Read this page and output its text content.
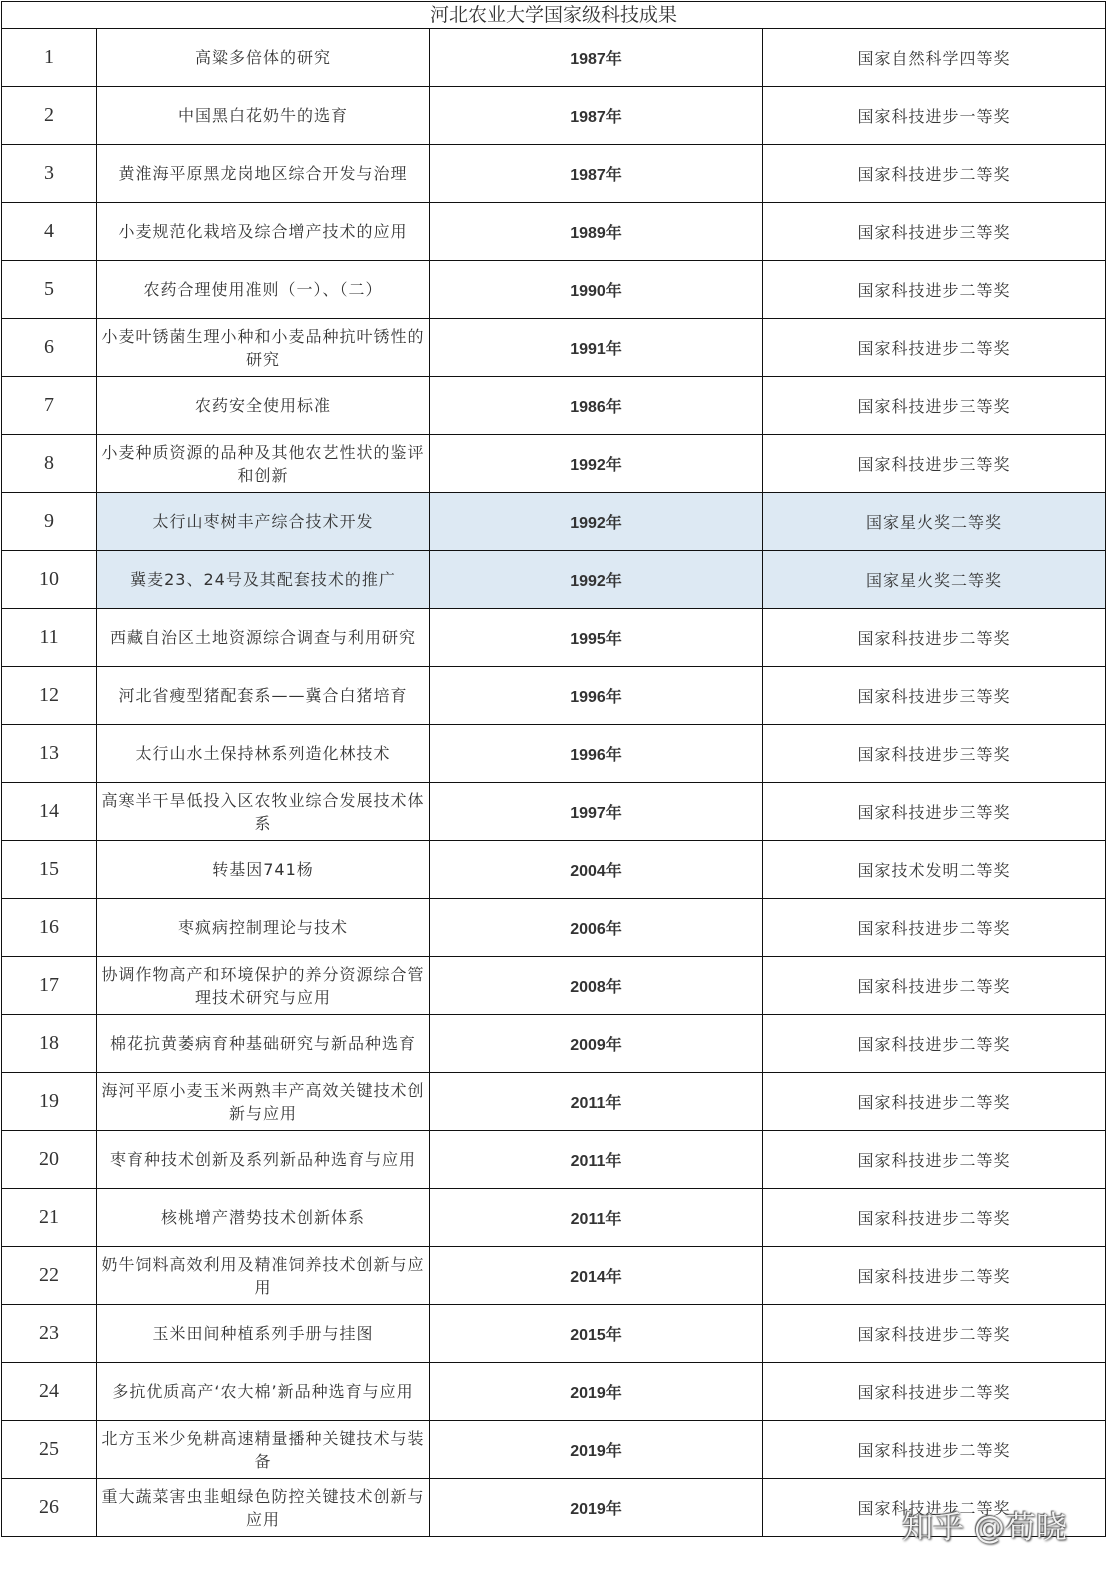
河北农业大学国家级科技成果			
1	高粱多倍体的研究	1987年	国家自然科学四等奖
2	中国黑白花奶牛的选育	1987年	国家科技进步一等奖
3	黄淮海平原黑龙岗地区综合开发与治理	1987年	国家科技进步二等奖
4	小麦规范化栽培及综合增产技术的应用	1989年	国家科技进步三等奖
5	农药合理使用准则（一）、（二）	1990年	国家科技进步二等奖
6	小麦叶锈菌生理小种和小麦品种抗叶锈性的研究	1991年	国家科技进步二等奖
7	农药安全使用标准	1986年	国家科技进步三等奖
8	小麦种质资源的品种及其他农艺性状的鉴评和创新	1992年	国家科技进步三等奖
9	太行山枣树丰产综合技术开发	1992年	国家星火奖二等奖
10	冀麦23、24号及其配套技术的推广	1992年	国家星火奖二等奖
11	西藏自治区土地资源综合调查与利用研究	1995年	国家科技进步二等奖
12	河北省瘦型猪配套系——冀合白猪培育	1996年	国家科技进步三等奖
13	太行山水土保持林系列造化林技术	1996年	国家科技进步三等奖
14	高寒半干旱低投入区农牧业综合发展技术体系	1997年	国家科技进步三等奖
15	转基因741杨	2004年	国家技术发明二等奖
16	枣疯病控制理论与技术	2006年	国家科技进步二等奖
17	协调作物高产和环境保护的养分资源综合管理技术研究与应用	2008年	国家科技进步二等奖
18	棉花抗黄萎病育种基础研究与新品种选育	2009年	国家科技进步二等奖
19	海河平原小麦玉米两熟丰产高效关键技术创新与应用	2011年	国家科技进步二等奖
20	枣育种技术创新及系列新品种选育与应用	2011年	国家科技进步二等奖
21	核桃增产潜势技术创新体系	2011年	国家科技进步二等奖
22	奶牛饲料高效利用及精准饲养技术创新与应用	2014年	国家科技进步二等奖
23	玉米田间种植系列手册与挂图	2015年	国家科技进步二等奖
24	多抗优质高产‘农大棉’新品种选育与应用	2019年	国家科技进步二等奖
25	北方玉米少免耕高速精量播种关键技术与装备	2019年	国家科技进步二等奖
26	重大蔬菜害虫韭蛆绿色防控关键技术创新与应用	2019年	国家科技进步二等奖
知乎 @荀晓
